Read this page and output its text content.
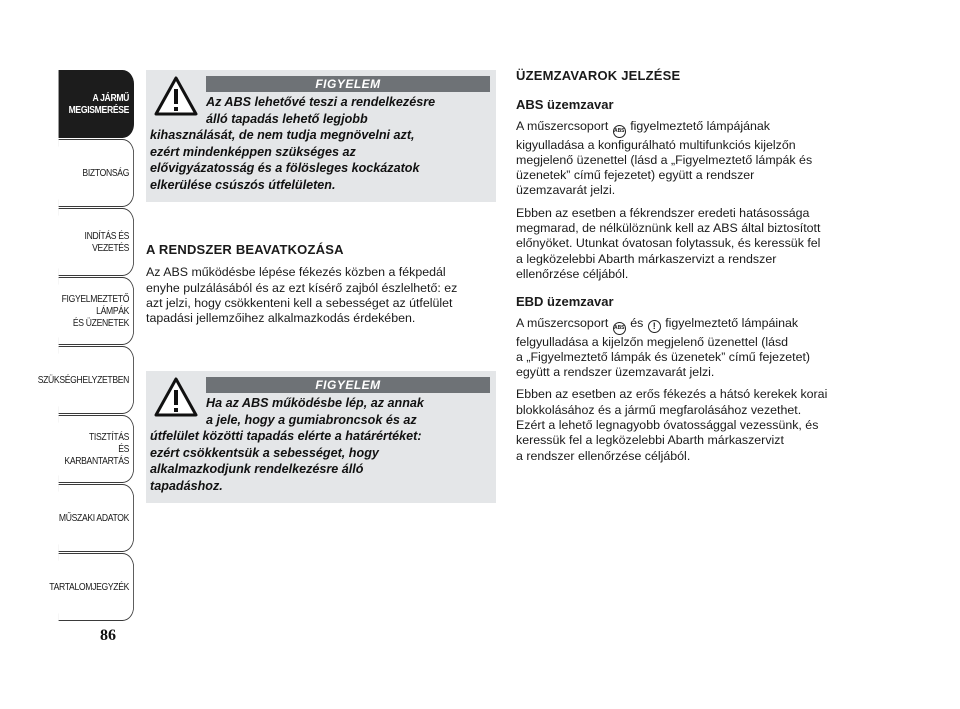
A JÁRMŰ
MEGISMERÉSE
BIZTONSÁG
INDÍTÁS ÉS VEZETÉS
FIGYELMEZTETŐ
LÁMPÁK
ÉS ÜZENETEK
SZÜKSÉGHELYZETBEN
TISZTÍTÁS
ÉS KARBANTARTÁS
MŰSZAKI ADATOK
TARTALOMJEGYZÉK
86
FIGYELEM
Az ABS lehetővé teszi a rendelkezésre
álló tapadás lehető legjobb
kihasználását, de nem tudja megnövelni azt,
ezért mindenképpen szükséges az
elővigyázatosság és a fölösleges kockázatok
elkerülése csúszós útfelületen.
A RENDSZER BEAVATKOZÁSA
Az ABS működésbe lépése fékezés közben a fékpedál
enyhe pulzálásából és az ezt kísérő zajból észlelhető: ez
azt jelzi, hogy csökkenteni kell a sebességet az útfelület
tapadási jellemzőihez alkalmazkodás érdekében.
FIGYELEM
Ha az ABS működésbe lép, az annak
a jele, hogy a gumiabroncsok és az
útfelület közötti tapadás elérte a határértéket:
ezért csökkentsük a sebességet, hogy
alkalmazkodjunk rendelkezésre álló
tapadáshoz.
ÜZEMZAVAROK JELZÉSE
ABS üzemzavar
A műszercsoport ABS figyelmeztető lámpájának
kigyulladása a konfigurálható multifunkciós kijelzőn
megjelenő üzenettel (lásd a „Figyelmeztető lámpák és
üzenetek” című fejezetet) együtt a rendszer
üzemzavarát jelzi.
Ebben az esetben a fékrendszer eredeti hatásossága
megmarad, de nélkülöznünk kell az ABS által biztosított
előnyöket. Utunkat óvatosan folytassuk, és keressük fel
a legközelebbi Abarth márkaszervizt a rendszer
ellenőrzése céljából.
EBD üzemzavar
A műszercsoport ABS és ! figyelmeztető lámpáinak
felgyulladása a kijelzőn megjelenő üzenettel (lásd
a „Figyelmeztető lámpák és üzenetek” című fejezetet)
együtt a rendszer üzemzavarát jelzi.
Ebben az esetben az erős fékezés a hátsó kerekek korai
blokkolásához és a jármű megfarolásához vezethet.
Ezért a lehető legnagyobb óvatossággal vezessünk, és
keressük fel a legközelebbi Abarth márkaszervizt
a rendszer ellenőrzése céljából.
